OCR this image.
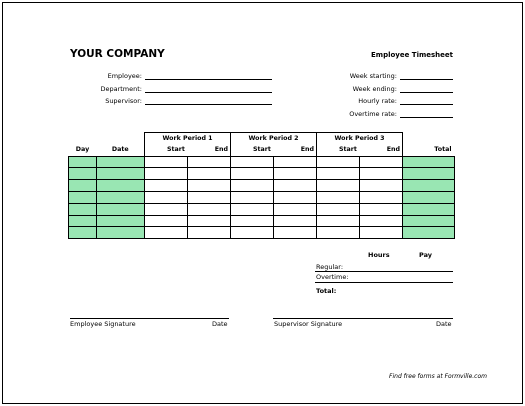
YOUR COMPANY	Employee Timesheet
Employee:
Department:
Supervisor:
Week starting:
Week ending:
Hourly rate:
Overtime rate:
		Work Period 1		Work Period 2		Work Period 3		
Day	Date	Start	End	Start	End	Start	End	Total

Hours	Pay
Regular:
Overtime:
Total:
Employee Signature	Date	Supervisor Signature	Date
Find free forms at Formville.com
